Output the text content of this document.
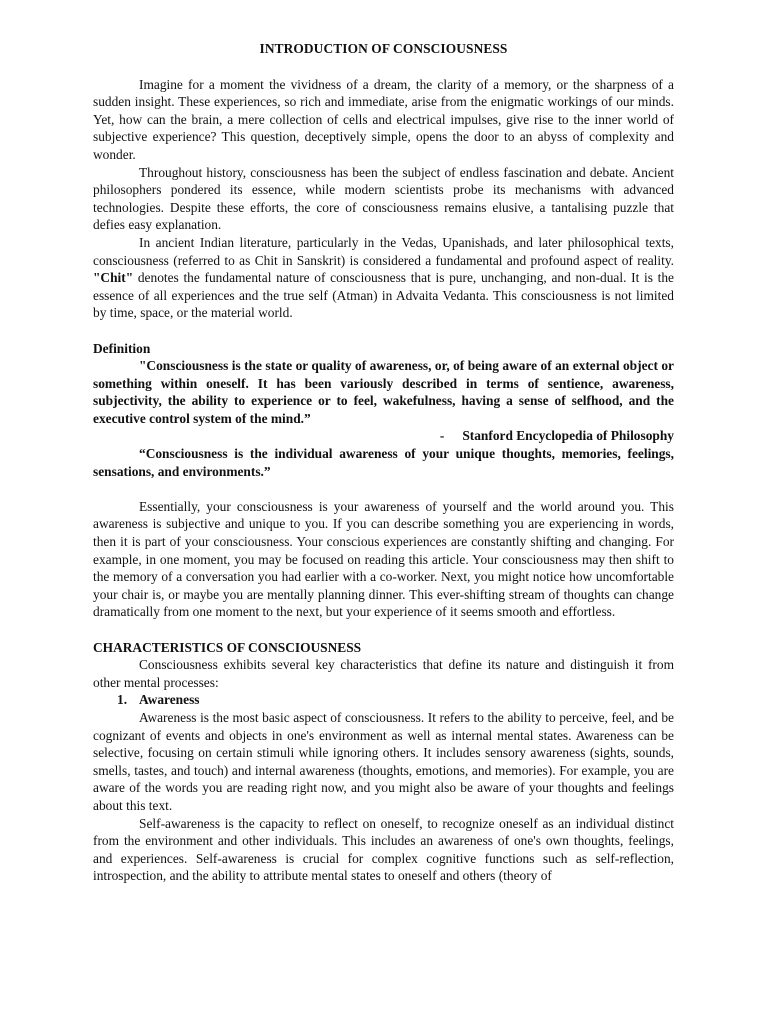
INTRODUCTION OF CONSCIOUSNESS

Imagine for a moment the vividness of a dream, the clarity of a memory, or the sharpness of a sudden insight. These experiences, so rich and immediate, arise from the enigmatic workings of our minds. Yet, how can the brain, a mere collection of cells and electrical impulses, give rise to the inner world of subjective experience? This question, deceptively simple, opens the door to an abyss of complexity and wonder.

Throughout history, consciousness has been the subject of endless fascination and debate. Ancient philosophers pondered its essence, while modern scientists probe its mechanisms with advanced technologies. Despite these efforts, the core of consciousness remains elusive, a tantalising puzzle that defies easy explanation.

In ancient Indian literature, particularly in the Vedas, Upanishads, and later philosophical texts, consciousness (referred to as Chit in Sanskrit) is considered a fundamental and profound aspect of reality. "Chit" denotes the fundamental nature of consciousness that is pure, unchanging, and non-dual. It is the essence of all experiences and the true self (Atman) in Advaita Vedanta. This consciousness is not limited by time, space, or the material world.

Definition

"Consciousness is the state or quality of awareness, or, of being aware of an external object or something within oneself. It has been variously described in terms of sentience, awareness, subjectivity, the ability to experience or to feel, wakefulness, having a sense of selfhood, and the executive control system of the mind.”

- Stanford Encyclopedia of Philosophy

“Consciousness is the individual awareness of your unique thoughts, memories, feelings, sensations, and environments.”

Essentially, your consciousness is your awareness of yourself and the world around you. This awareness is subjective and unique to you. If you can describe something you are experiencing in words, then it is part of your consciousness. Your conscious experiences are constantly shifting and changing. For example, in one moment, you may be focused on reading this article. Your consciousness may then shift to the memory of a conversation you had earlier with a co-worker. Next, you might notice how uncomfortable your chair is, or maybe you are mentally planning dinner. This ever-shifting stream of thoughts can change dramatically from one moment to the next, but your experience of it seems smooth and effortless.

CHARACTERISTICS OF CONSCIOUSNESS

Consciousness exhibits several key characteristics that define its nature and distinguish it from other mental processes:

1. Awareness

Awareness is the most basic aspect of consciousness. It refers to the ability to perceive, feel, and be cognizant of events and objects in one's environment as well as internal mental states. Awareness can be selective, focusing on certain stimuli while ignoring others. It includes sensory awareness (sights, sounds, smells, tastes, and touch) and internal awareness (thoughts, emotions, and memories). For example, you are aware of the words you are reading right now, and you might also be aware of your thoughts and feelings about this text.

Self-awareness is the capacity to reflect on oneself, to recognize oneself as an individual distinct from the environment and other individuals. This includes an awareness of one's own thoughts, feelings, and experiences. Self-awareness is crucial for complex cognitive functions such as self-reflection, introspection, and the ability to attribute mental states to oneself and others (theory of
